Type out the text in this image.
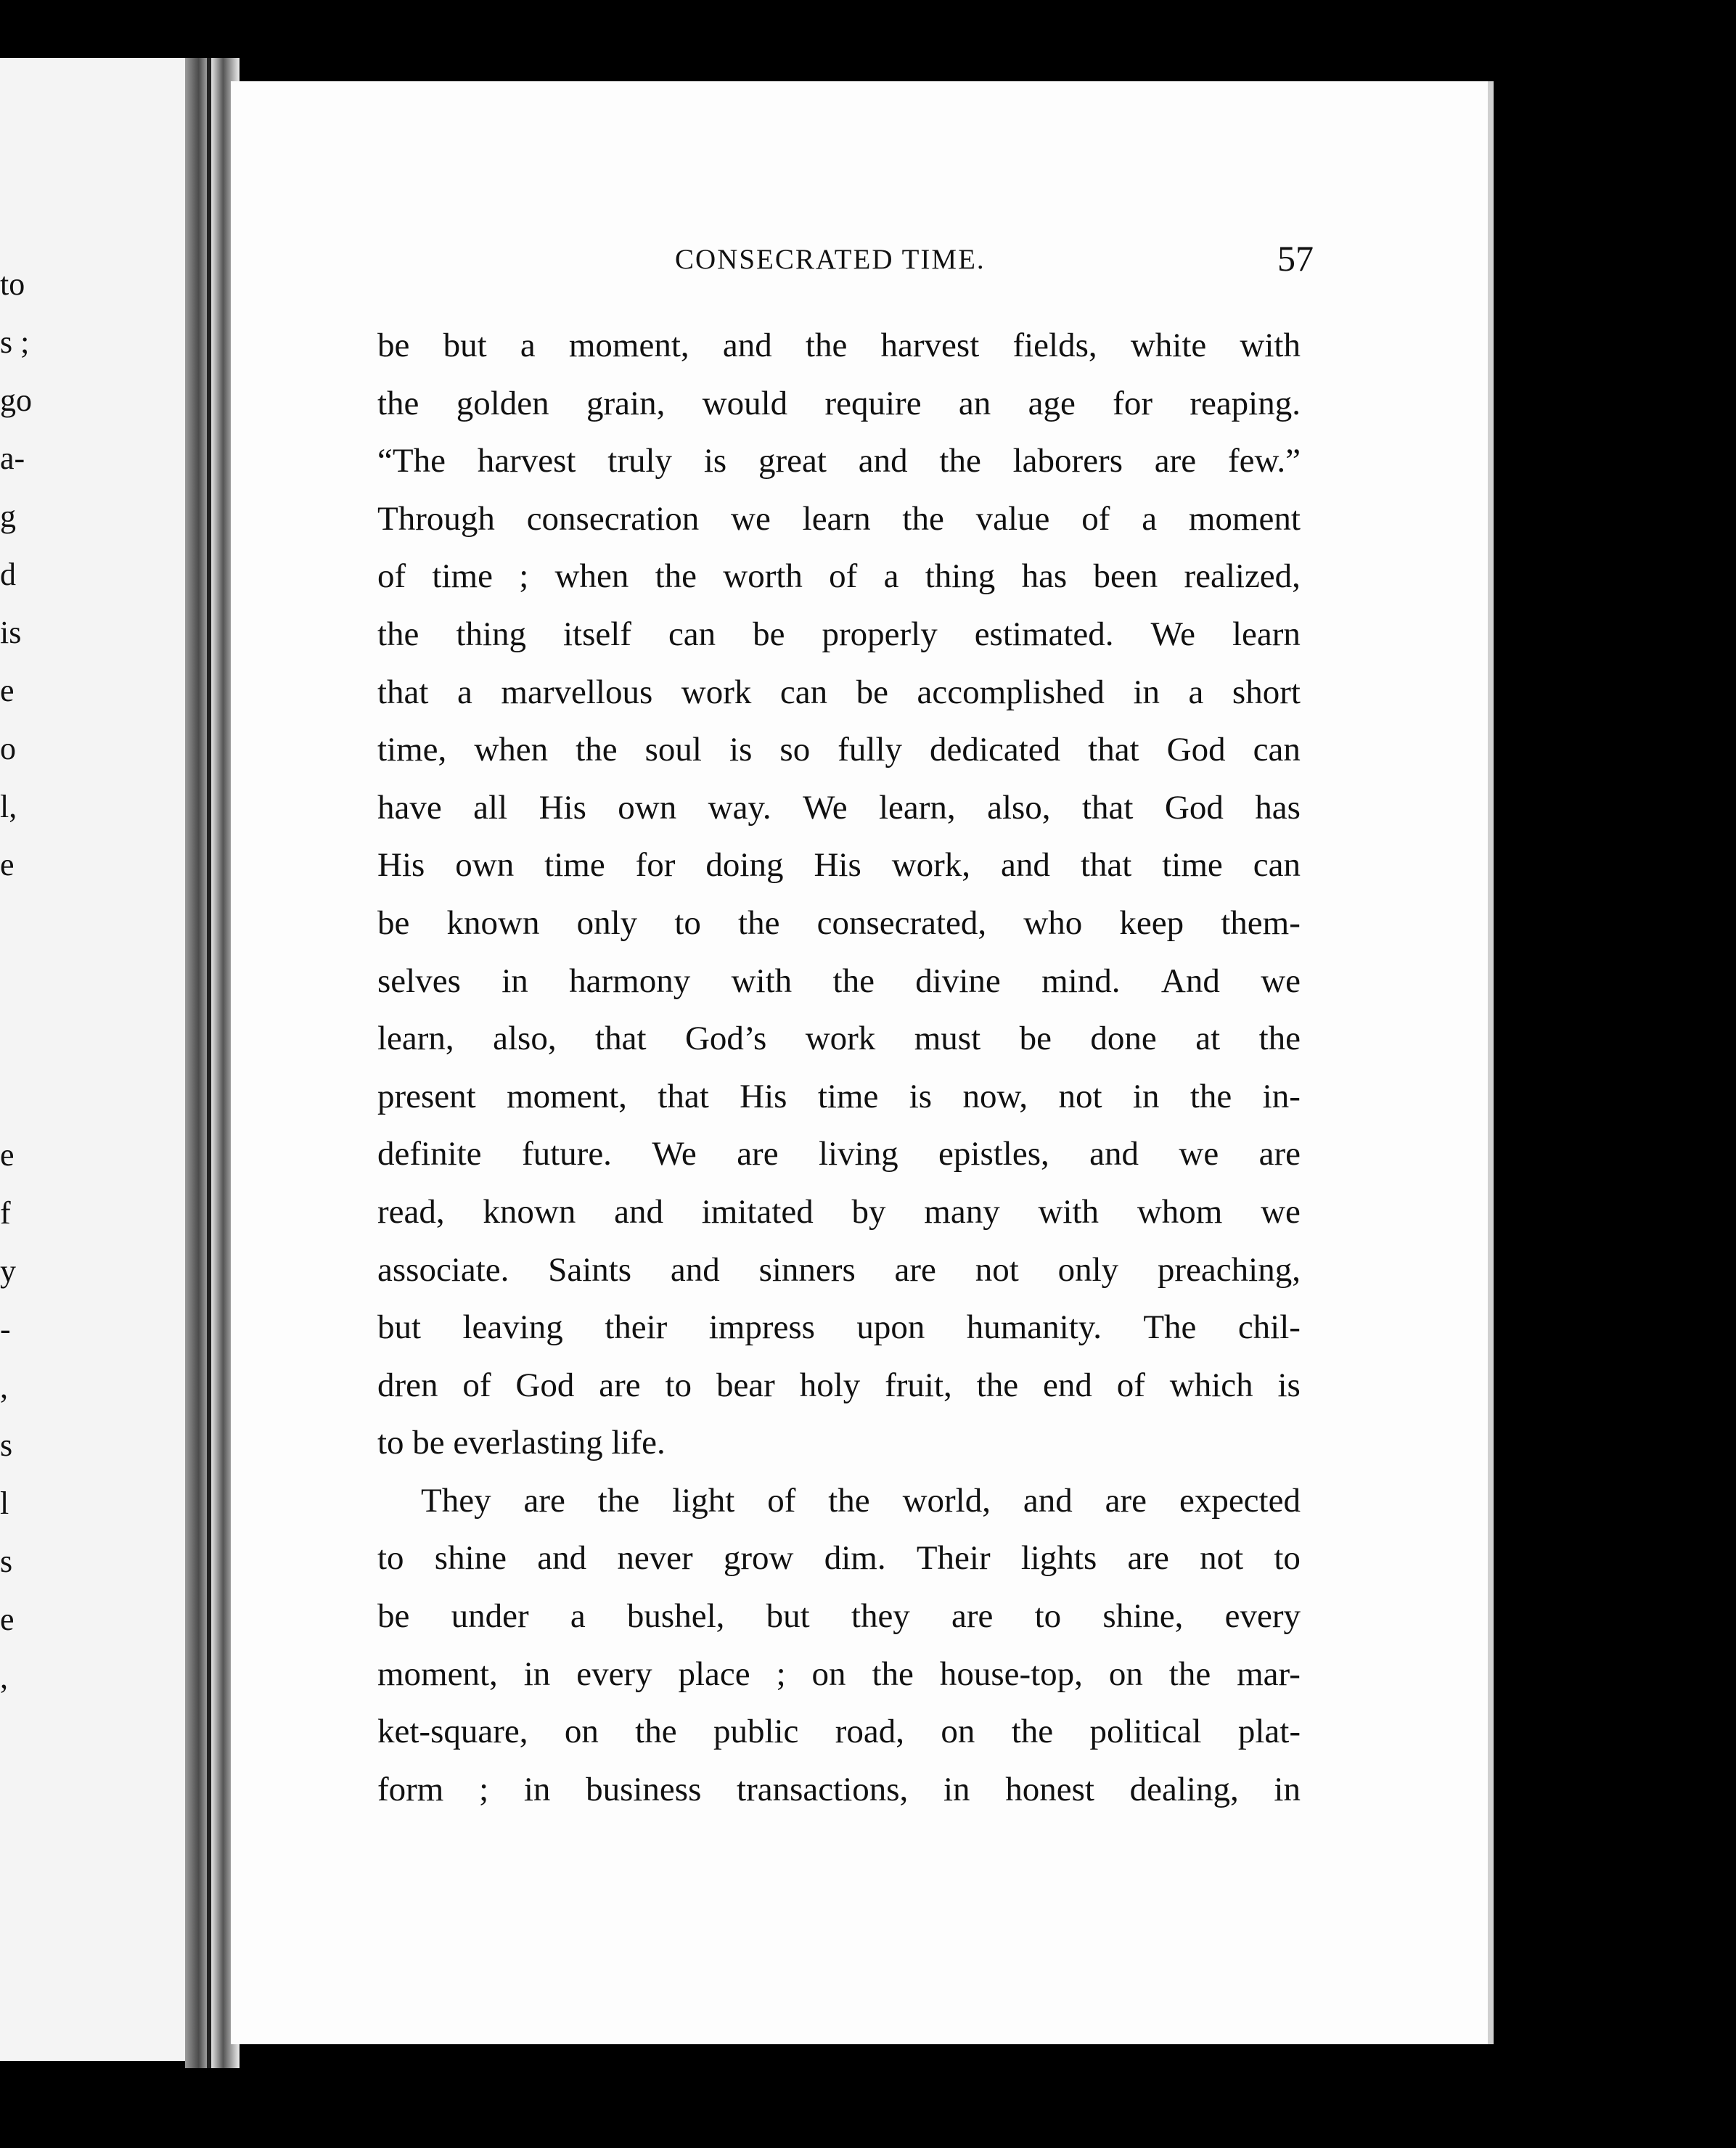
to
s ;
go
a-
g
d
is
e
o
l,
e
e
f
y
-
,
s
l
s
e
,
CONSECRATED TIME.	57
be but a moment, and the harvest fields, white with
the golden grain, would require an age for reaping.
“The harvest truly is great and the laborers are few.”
Through consecration we learn the value of a moment
of time ; when the worth of a thing has been realized,
the thing itself can be properly estimated. We learn
that a marvellous work can be accomplished in a short
time, when the soul is so fully dedicated that God can
have all His own way. We learn, also, that God has
His own time for doing His work, and that time can
be known only to the consecrated, who keep them-
selves in harmony with the divine mind. And we
learn, also, that God’s work must be done at the
present moment, that His time is now, not in the in-
definite future. We are living epistles, and we are
read, known and imitated by many with whom we
associate. Saints and sinners are not only preaching,
but leaving their impress upon humanity. The chil-
dren of God are to bear holy fruit, the end of which is
to be everlasting life.
They are the light of the world, and are expected
to shine and never grow dim. Their lights are not to
be under a bushel, but they are to shine, every
moment, in every place ; on the house-top, on the mar-
ket-square, on the public road, on the political plat-
form ; in business transactions, in honest dealing, in
